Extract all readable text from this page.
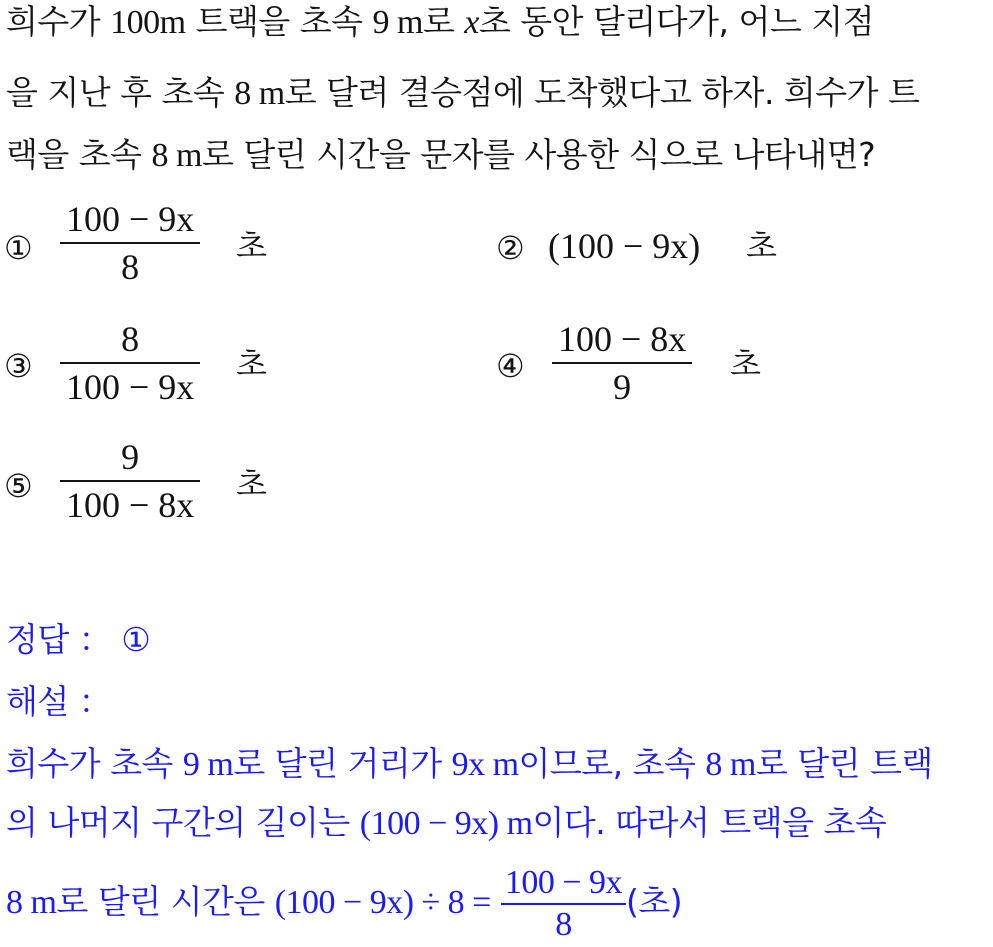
희수가 100m 트랙을 초속 9 m로 x초 동안 달리다가, 어느 지점
을 지난 후 초속 8 m로 달려 결승점에 도착했다고 하자. 희수가 트
랙을 초속 8 m로 달린 시간을 문자를 사용한 식으로 나타내면?
①
100 − 9x
8
초	② (100 − 9x) 초
③
8
100 − 9x
초	④
100 − 8x
9
초
⑤
9
100 − 8x
초
정답 ： ①
해설 ：
희수가 초속 9 m로 달린 거리가 9x m이므로, 초속 8 m로 달린 트랙
의 나머지 구간의 길이는 (100 − 9x) m이다. 따라서 트랙을 초속
8 m로 달린 시간은 $(100 - 9x) \div 8 = \frac{100 - 9x}{8}$ (초)
